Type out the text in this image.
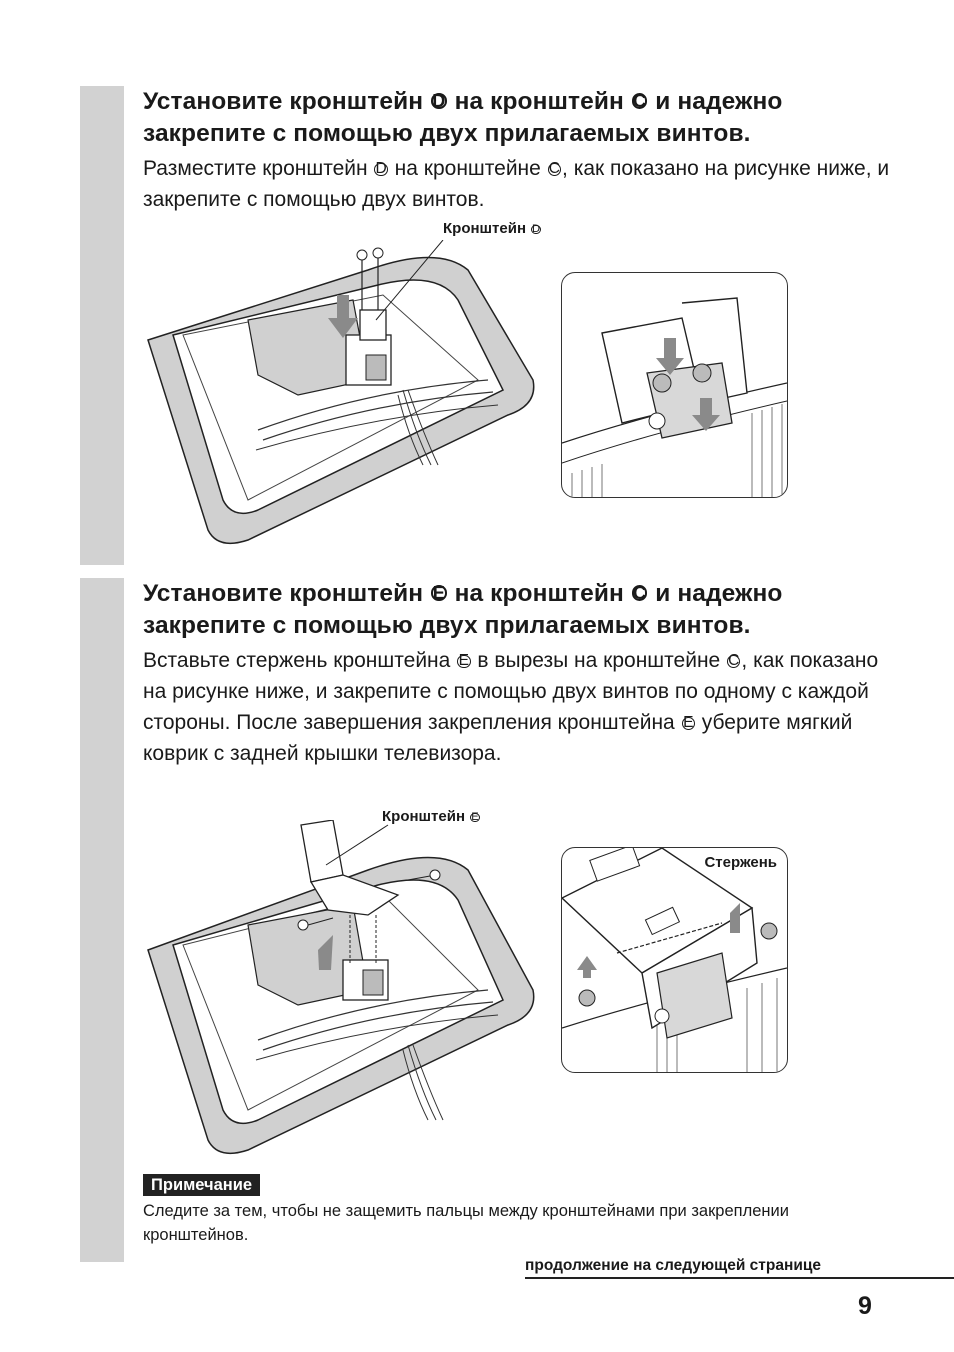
Установите кронштейн D на кронштейн C и надежно закрепите с помощью двух прилагаемых винтов.

Разместите кронштейн D на кронштейне C, как показано на рисунке ниже, и закрепите с помощью двух винтов.

Кронштейн D

Установите кронштейн E на кронштейн C и надежно закрепите с помощью двух прилагаемых винтов.

Вставьте стержень кронштейна E в вырезы на кронштейне C, как показано на рисунке ниже, и закрепите с помощью двух винтов по одному с каждой стороны. После завершения закрепления кронштейна E уберите мягкий коврик с задней крышки телевизора.

Кронштейн E

Стержень

Примечание

Следите за тем, чтобы не защемить пальцы между кронштейнами при закреплении кронштейнов.

продолжение на следующей странице

9
